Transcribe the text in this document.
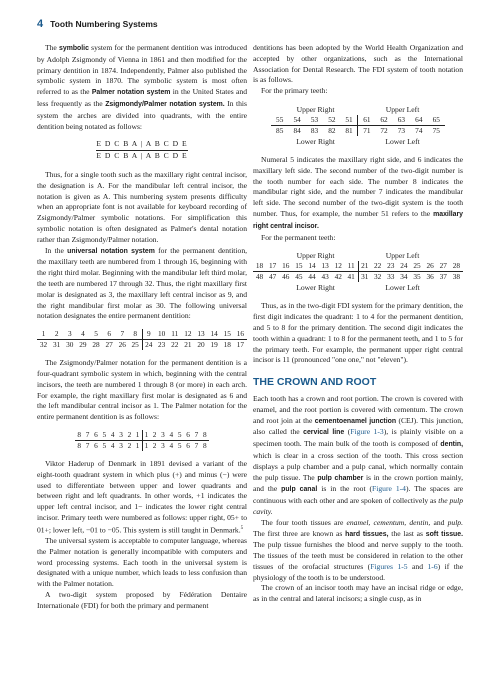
4 Tooth Numbering Systems

The symbolic system for the permanent dentition was introduced by Adolph Zsigmondy of Vienna in 1861 and then modified for the primary dentition in 1874. Independently, Palmer also published the symbolic system in 1870. The symbolic system is most often referred to as the Palmer notation system in the United States and less frequently as the Zsigmondy/Palmer notation system. In this system the arches are divided into quadrants, with the entire dentition being notated as follows:

E D C B A | A B C D E
E D C B A | A B C D E

Thus, for a single tooth such as the maxillary right central incisor, the designation is A. For the mandibular left central incisor, the notation is given as A. This numbering system presents difficulty when an appropriate font is not available for keyboard recording of Zsigmondy/Palmer symbolic notations. For simplification this symbolic notation is often designated as Palmer's dental notation rather than Zsigmondy/Palmer notation.

In the universal notation system for the permanent dentition, the maxillary teeth are numbered from 1 through 16, beginning with the right third molar. Beginning with the mandibular left third molar, the teeth are numbered 17 through 32. Thus, the right maxillary first molar is designated as 3, the maxillary left central incisor as 9, and the right mandibular first molar as 30. The following universal notation designates the entire permanent dentition:

1	2	3	4	5	6	7	8	9	10	11	12	13	14	15	16
32	31	30	29	28	27	26	25	24	23	22	21	20	19	18	17

The Zsigmondy/Palmer notation for the permanent dentition is a four-quadrant symbolic system in which, beginning with the central incisors, the teeth are numbered 1 through 8 (or more) in each arch. For example, the right maxillary first molar is designated as 6 and the left mandibular central incisor as 1. The Palmer notation for the entire permanent dentition is as follows:

8	7	6	5	4	3	2	1	1	2	3	4	5	6	7	8
8	7	6	5	4	3	2	1	1	2	3	4	5	6	7	8

Viktor Haderup of Denmark in 1891 devised a variant of the eight-tooth quadrant system in which plus (+) and minus (−) were used to differentiate between upper and lower quadrants and between right and left quadrants. In other words, +1 indicates the upper left central incisor, and 1− indicates the lower right central incisor. Primary teeth were numbered as follows: upper right, 05+ to 01+; lower left, −01 to −05. This system is still taught in Denmark.$^5$

The universal system is acceptable to computer language, whereas the Palmer notation is generally incompatible with computers and word processing systems. Each tooth in the universal system is designated with a unique number, which leads to less confusion than with the Palmer notation.

A two-digit system proposed by Fédération Dentaire Internationale (FDI) for both the primary and permanent

dentitions has been adopted by the World Health Organization and accepted by other organizations, such as the International Association for Dental Research. The FDI system of tooth notation is as follows.

For the primary teeth:

Upper Right	Upper Left
55	54	53	52	51	61	62	63	64	65
85	84	83	82	81	71	72	73	74	75
Lower Right	Lower Left

Numeral 5 indicates the maxillary right side, and 6 indicates the maxillary left side. The second number of the two-digit number is the tooth number for each side. The number 8 indicates the mandibular right side, and the number 7 indicates the mandibular left side. The second number of the two-digit system is the tooth number. Thus, for example, the number 51 refers to the maxillary right central incisor.

For the permanent teeth:

Upper Right	Upper Left
18	17	16	15	14	13	12	11	21	22	23	24	25	26	27	28
48	47	46	45	44	43	42	41	31	32	33	34	35	36	37	38
Lower Right	Lower Left

Thus, as in the two-digit FDI system for the primary dentition, the first digit indicates the quadrant: 1 to 4 for the permanent dentition, and 5 to 8 for the primary dentition. The second digit indicates the tooth within a quadrant: 1 to 8 for the permanent teeth, and 1 to 5 for the primary teeth. For example, the permanent upper right central incisor is 11 (pronounced "one one," not "eleven").

THE CROWN AND ROOT

Each tooth has a crown and root portion. The crown is covered with enamel, and the root portion is covered with cementum. The crown and root join at the cementoenamel junction (CEJ). This junction, also called the cervical line (Figure 1-3), is plainly visible on a specimen tooth. The main bulk of the tooth is composed of dentin, which is clear in a cross section of the tooth. This cross section displays a pulp chamber and a pulp canal, which normally contain the pulp tissue. The pulp chamber is in the crown portion mainly, and the pulp canal is in the root (Figure 1-4). The spaces are continuous with each other and are spoken of collectively as the pulp cavity.

The four tooth tissues are enamel, cementum, dentin, and pulp. The first three are known as hard tissues, the last as soft tissue. The pulp tissue furnishes the blood and nerve supply to the tooth. The tissues of the teeth must be considered in relation to the other tissues of the orofacial structures (Figures 1-5 and 1-6) if the physiology of the tooth is to be understood.

The crown of an incisor tooth may have an incisal ridge or edge, as in the central and lateral incisors; a single cusp, as in
